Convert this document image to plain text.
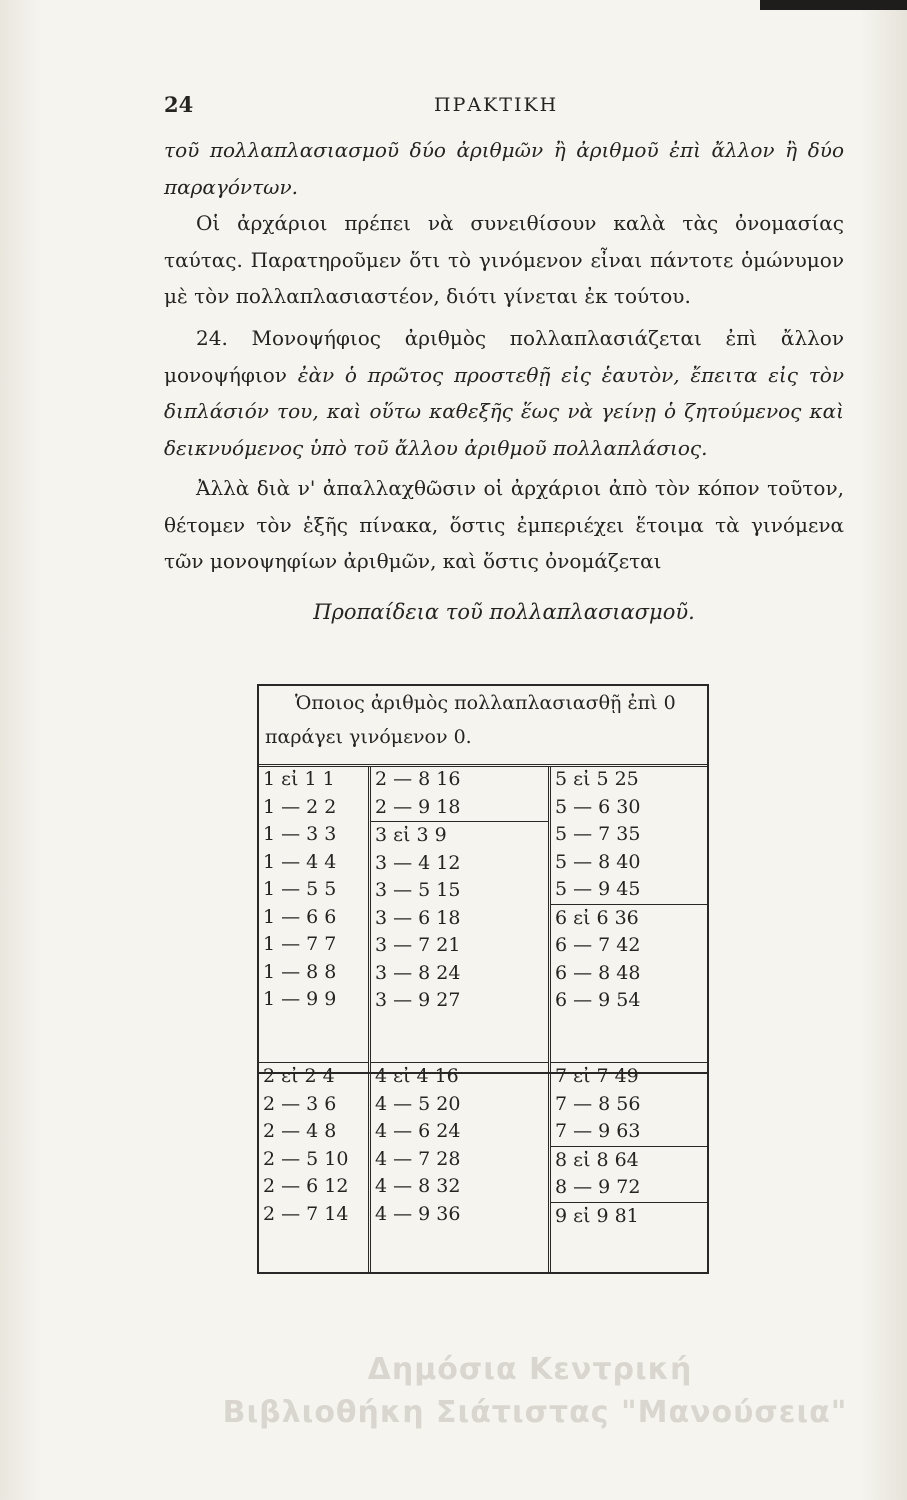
24	ΠΡΑΚΤΙΚΗ
τοῦ πολλαπλασιασμοῦ δύο ἀριθμῶν ἢ ἀριθμοῦ ἐπὶ ἄλλον ἢ δύο παραγόντων.
Οἱ ἀρχάριοι πρέπει νὰ συνειθίσουν καλὰ τὰς ὀνομασίας ταύτας. Παρατηροῦμεν ὅτι τὸ γινόμενον εἶναι πάντοτε ὁμώνυμον μὲ τὸν πολλαπλασιαστέον, διότι γίνεται ἐκ τούτου.
24. Μονοψήφιος ἀριθμὸς πολλαπλασιάζεται ἐπὶ ἄλλον μονοψήφιον ἐὰν ὁ πρῶτος προστεθῇ εἰς ἑαυτὸν, ἔπειτα εἰς τὸν διπλάσιόν του, καὶ οὕτω καθεξῆς ἕως νὰ γείνῃ ὁ ζητούμενος καὶ δεικνυόμενος ὑπὸ τοῦ ἄλλου ἀριθμοῦ πολλαπλάσιος.
Ἀλλὰ διὰ ν' ἀπαλλαχθῶσιν οἱ ἀρχάριοι ἀπὸ τὸν κόπον τοῦτον, θέτομεν τὸν ἑξῆς πίνακα, ὅστις ἐμπεριέχει ἕτοιμα τὰ γινόμενα τῶν μονοψηφίων ἀριθμῶν, καὶ ὅστις ὀνομάζεται
Προπαίδεια τοῦ πολλαπλασιασμοῦ.
Ὁποιος ἀριθμὸς πολλαπλασιασθῇ ἐπὶ 0
παράγει γινόμενον 0.
1 εἰ 1 1
1 — 2 2
1 — 3 3
1 — 4 4
1 — 5 5
1 — 6 6
1 — 7 7
1 — 8 8
1 — 9 9
2 — 8 16
2 — 9 18
3 εἰ 3 9
3 — 4 12
3 — 5 15
3 — 6 18
3 — 7 21
3 — 8 24
3 — 9 27
5 εἰ 5 25
5 — 6 30
5 — 7 35
5 — 8 40
5 — 9 45
6 εἰ 6 36
6 — 7 42
6 — 8 48
6 — 9 54
2 εἰ 2 4
2 — 3 6
2 — 4 8
2 — 5 10
2 — 6 12
2 — 7 14
4 εἰ 4 16
4 — 5 20
4 — 6 24
4 — 7 28
4 — 8 32
4 — 9 36
7 εἰ 7 49
7 — 8 56
7 — 9 63
8 εἰ 8 64
8 — 9 72
9 εἰ 9 81
Δημόσια Κεντρική
Βιβλιοθήκη Σιάτιστας "Μανούσεια"
